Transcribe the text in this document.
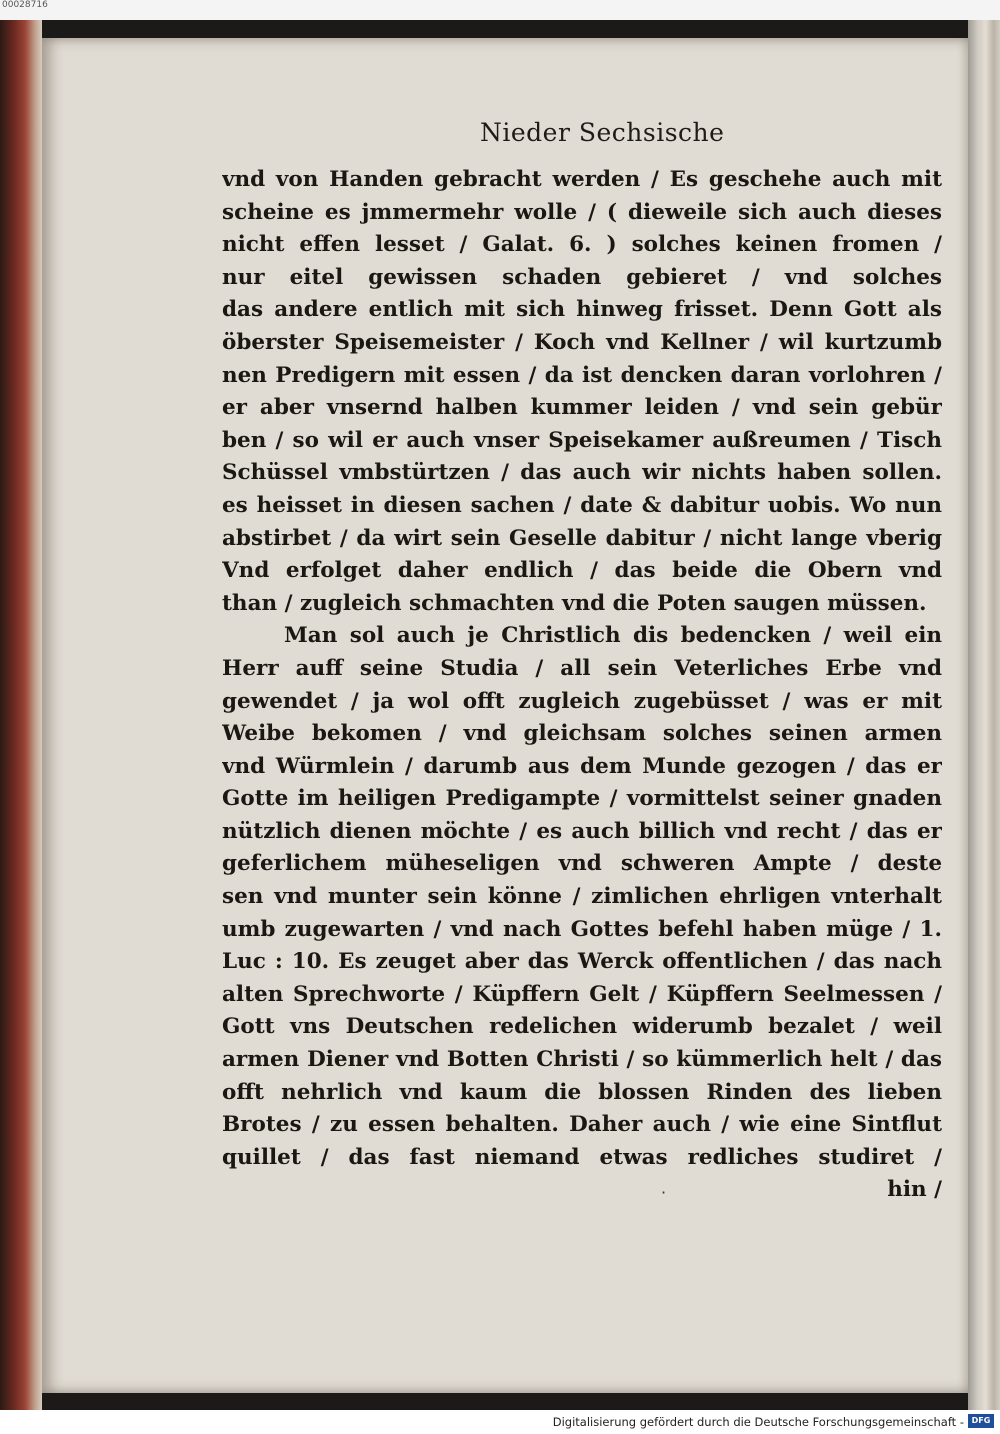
00028716
Nieder Sechsische
vnd von Handen gebracht werden / Es geschehe auch mit
scheine es jmmermehr wolle / ( dieweile sich auch dieses
nicht effen lesset / Galat. 6. ) solches keinen fromen /
nur eitel gewissen schaden gebieret / vnd solches
das andere entlich mit sich hinweg frisset. Denn Gott als
öberster Speisemeister / Koch vnd Kellner / wil kurtzumb
nen Predigern mit essen / da ist dencken daran vorlohren /
er aber vnsernd halben kummer leiden / vnd sein gebür
ben / so wil er auch vnser Speisekamer außreumen / Tisch
Schüssel vmbstürtzen / das auch wir nichts haben sollen.
es heisset in diesen sachen / date & dabitur uobis. Wo nun
abstirbet / da wirt sein Geselle dabitur / nicht lange vberig
Vnd erfolget daher endlich / das beide die Obern vnd
than / zugleich schmachten vnd die Poten saugen müssen.
Man sol auch je Christlich dis bedencken / weil ein
Herr auff seine Studia / all sein Veterliches Erbe vnd
gewendet / ja wol offt zugleich zugebüsset / was er mit
Weibe bekomen / vnd gleichsam solches seinen armen
vnd Würmlein / darumb aus dem Munde gezogen / das er
Gotte im heiligen Predigampte / vormittelst seiner gnaden
nützlich dienen möchte / es auch billich vnd recht / das er
geferlichem müheseligen vnd schweren Ampte / deste
sen vnd munter sein könne / zimlichen ehrligen vnterhalt
umb zugewarten / vnd nach Gottes befehl haben müge / 1.
Luc : 10. Es zeuget aber das Werck offentlichen / das nach
alten Sprechworte / Küpffern Gelt / Küpffern Seelmessen /
Gott vns Deutschen redelichen widerumb bezalet / weil
armen Diener vnd Botten Christi / so kümmerlich helt / das
offt nehrlich vnd kaum die blossen Rinden des lieben
Brotes / zu essen behalten. Daher auch / wie eine Sintflut
quillet / das fast niemand etwas redliches studiret /
hin /
·
Digitalisierung gefördert durch die Deutsche Forschungsgemeinschaft - DFG
